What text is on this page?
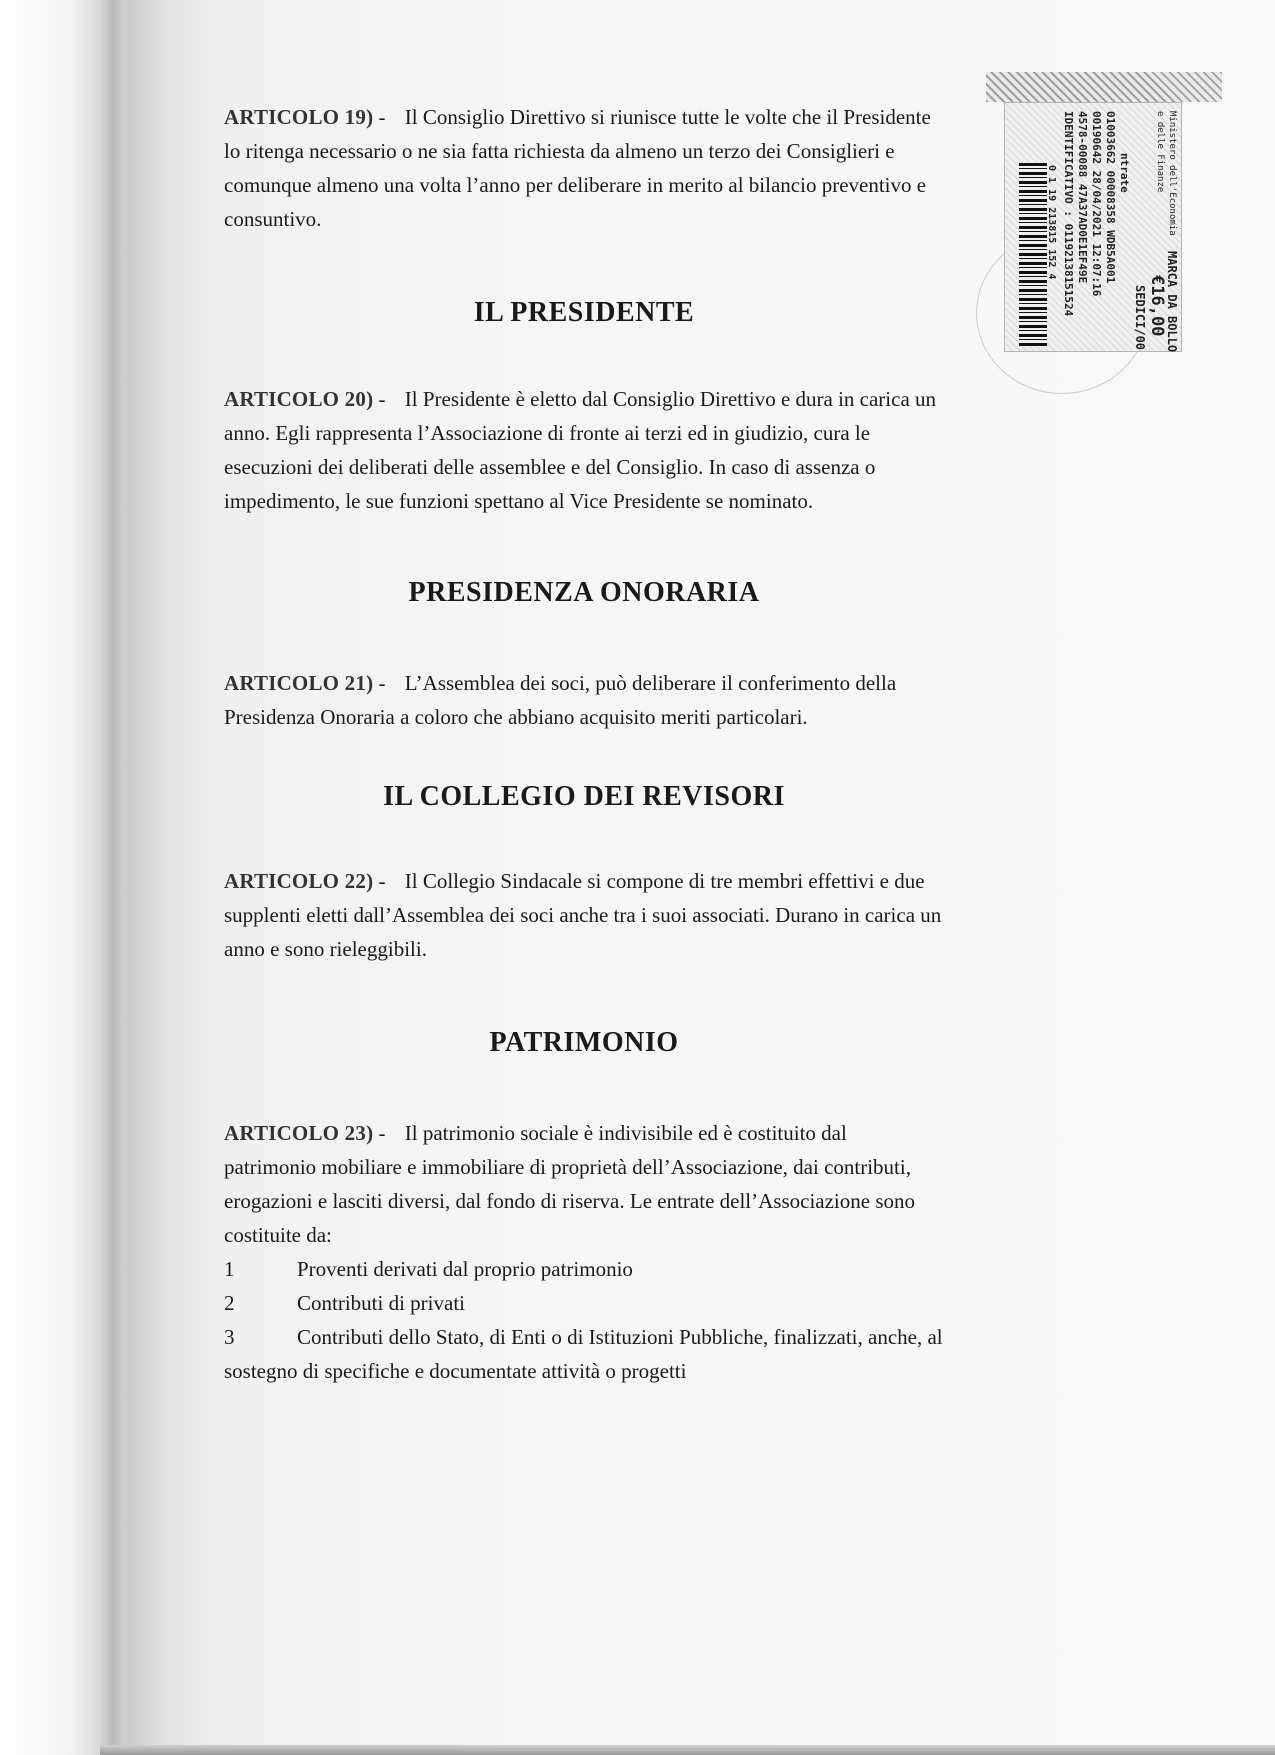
ARTICOLO 19) - Il Consiglio Direttivo si riunisce tutte le volte che il Presidente lo ritenga necessario o ne sia fatta richiesta da almeno un terzo dei Consiglieri e comunque almeno una volta l’anno per deliberare in merito al bilancio preventivo e consuntivo.

IL PRESIDENTE

ARTICOLO 20) - Il Presidente è eletto dal Consiglio Direttivo e dura in carica un anno. Egli rappresenta l’Associazione di fronte ai terzi ed in giudizio, cura le esecuzioni dei deliberati delle assemblee e del Consiglio. In caso di assenza o impedimento, le sue funzioni spettano al Vice Presidente se nominato.

PRESIDENZA ONORARIA

ARTICOLO 21) - L’Assemblea dei soci, può deliberare il conferimento della Presidenza Onoraria a coloro che abbiano acquisito meriti particolari.

IL COLLEGIO DEI REVISORI

ARTICOLO 22) - Il Collegio Sindacale si compone di tre membri effettivi e due supplenti eletti dall’Assemblea dei soci anche tra i suoi associati. Durano in carica un anno e sono rieleggibili.

PATRIMONIO

ARTICOLO 23) - Il patrimonio sociale è indivisibile ed è costituito dal patrimonio mobiliare e immobiliare di proprietà dell’Associazione, dai contributi, erogazioni e lasciti diversi, dal fondo di riserva. Le entrate dell’Associazione sono costituite da:
1	Proventi derivati dal proprio patrimonio
2	Contributi di privati
3	Contributi dello Stato, di Enti o di Istituzioni Pubbliche, finalizzati, anche, al sostegno di specifiche e documentate attività o progetti

0 1 19 213815 152 4	Ministero dell'Economia
e delle Finanze
MARCA DA BOLLO
€16,00
SEDICI/00
ntrate
01003662 00008358 WDB5A001
00190642 28/04/2021 12:07:16
4578-00088 47A37AD0E1EF49E
IDENTIFICATIVO : 01192138151524
